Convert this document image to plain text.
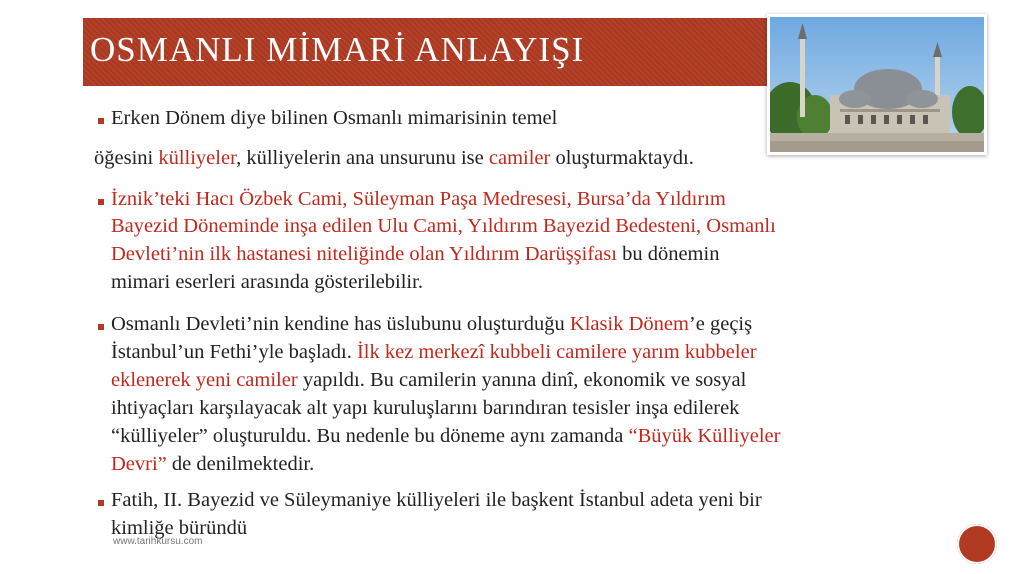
OSMANLI MİMARİ ANLAYIŞI
Erken Dönem diye bilinen Osmanlı mimarisinin temel
öğesini külliyeler, külliyelerin ana unsurunu ise camiler oluşturmaktaydı.
İznik’teki Hacı Özbek Cami, Süleyman Paşa Medresesi, Bursa’da Yıldırım
Bayezid Döneminde inşa edilen Ulu Cami, Yıldırım Bayezid Bedesteni, Osmanlı
Devleti’nin ilk hastanesi niteliğinde olan Yıldırım Darüşşifası bu dönemin
mimari eserleri arasında gösterilebilir.
Osmanlı Devleti’nin kendine has üslubunu oluşturduğu Klasik Dönem’e geçiş
İstanbul’un Fethi’yle başladı. İlk kez merkezî kubbeli camilere yarım kubbeler
eklenerek yeni camiler yapıldı. Bu camilerin yanına dinî, ekonomik ve sosyal
ihtiyaçları karşılayacak alt yapı kuruluşlarını barındıran tesisler inşa edilerek
“külliyeler” oluşturuldu. Bu nedenle bu döneme aynı zamanda “Büyük Külliyeler
Devri” de denilmektedir.
Fatih, II. Bayezid ve Süleymaniye külliyeleri ile başkent İstanbul adeta yeni bir
kimliğe büründü
www.tarihkursu.com
